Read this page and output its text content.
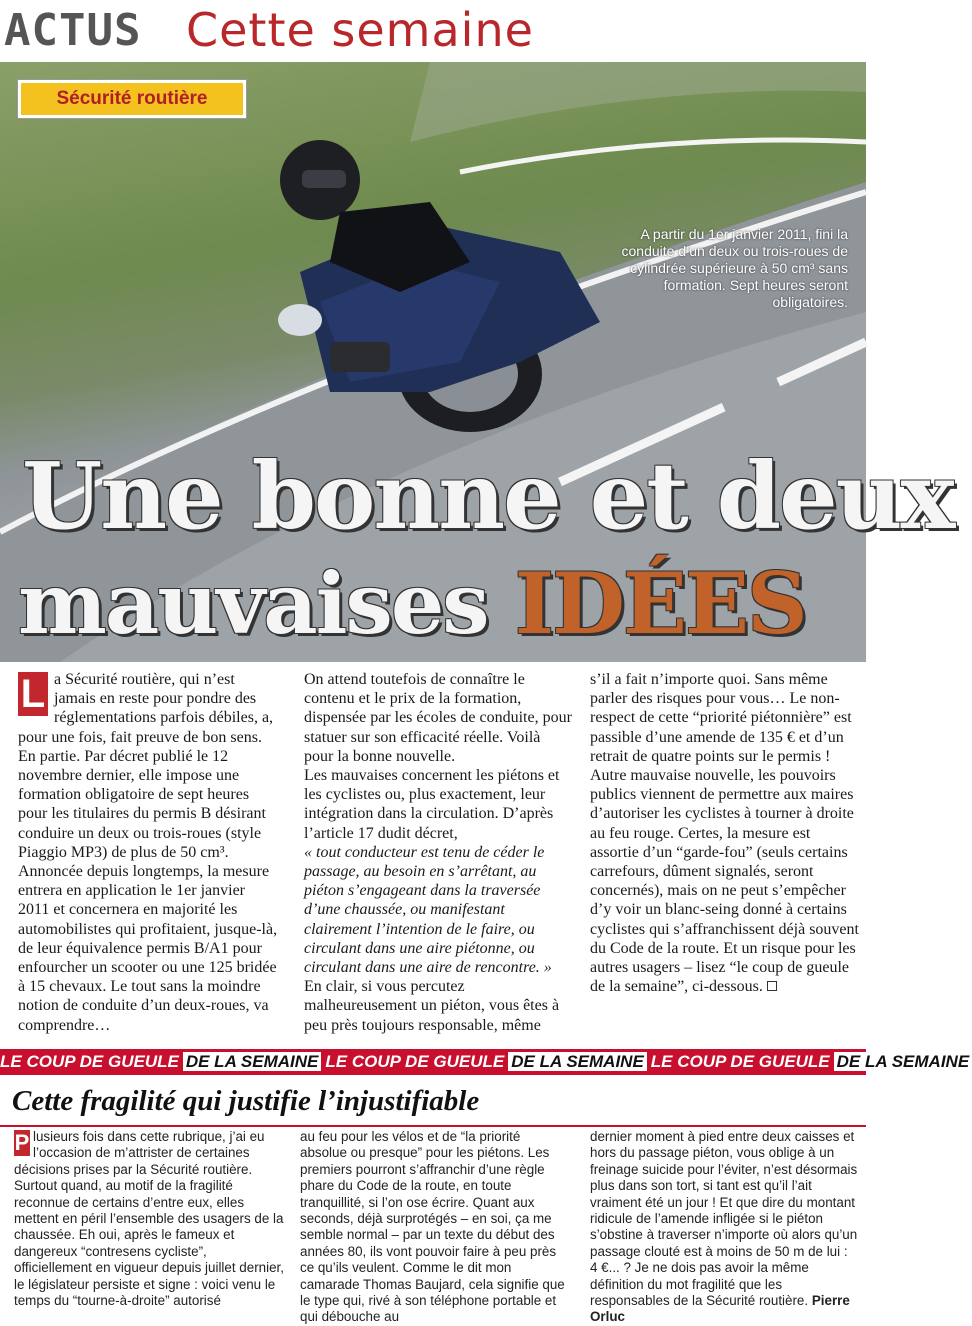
ACTUS Cette semaine
Sécurité routière
A partir du 1er janvier 2011, fini la conduite d’un deux ou trois-roues de cylindrée supérieure à 50 cm³ sans formation. Sept heures seront obligatoires.
Une bonne et deux
mauvaises IDÉES
L a Sécurité routière, qui n’est jamais en reste pour pondre des réglementations parfois débiles, a, pour une fois, fait preuve de bon sens. En partie. Par décret publié le 12 novembre dernier, elle impose une formation obligatoire de sept heures pour les titulaires du permis B désirant conduire un deux ou trois-roues (style Piaggio MP3) de plus de 50 cm³. Annoncée depuis longtemps, la mesure entrera en application le 1er janvier 2011 et concernera en majorité les automobilistes qui profitaient, jusque-là, de leur équivalence permis B/A1 pour enfourcher un scooter ou une 125 bridée à 15 chevaux. Le tout sans la moindre notion de conduite d’un deux-roues, va comprendre…

On attend toutefois de connaître le contenu et le prix de la formation, dispensée par les écoles de conduite, pour statuer sur son efficacité réelle. Voilà pour la bonne nouvelle.

Les mauvaises concernent les piétons et les cyclistes ou, plus exactement, leur intégration dans la circulation. D’après l’article 17 dudit décret,

« tout conducteur est tenu de céder le passage, au besoin en s’arrêtant, au piéton s’engageant dans la traversée d’une chaussée, ou manifestant clairement l’intention de le faire, ou circulant dans une aire piétonne, ou circulant dans une aire de rencontre. »

En clair, si vous percutez malheureusement un piéton, vous êtes à peu près toujours responsable, même

s’il a fait n’importe quoi. Sans même parler des risques pour vous… Le non-respect de cette “priorité piétonnière” est passible d’une amende de 135 € et d’un retrait de quatre points sur le permis ! Autre mauvaise nouvelle, les pouvoirs publics viennent de permettre aux maires d’autoriser les cyclistes à tourner à droite au feu rouge. Certes, la mesure est assortie d’un “garde-fou” (seuls certains carrefours, dûment signalés, seront concernés), mais on ne peut s’empêcher d’y voir un blanc-seing donné à certains cyclistes qui s’affranchissent déjà souvent du Code de la route. Et un risque pour les autres usagers – lisez “le coup de gueule de la semaine”, ci-dessous.
LE COUP DE GUEULE DE LA SEMAINE LE COUP DE GUEULE DE LA SEMAINE LE COUP DE GUEULE DE LA SEMAINE
Cette fragilité qui justifie l’injustifiable
P lusieurs fois dans cette rubrique, j’ai eu l’occasion de m’attrister de certaines décisions prises par la Sécurité routière. Surtout quand, au motif de la fragilité reconnue de certains d’entre eux, elles mettent en péril l’ensemble des usagers de la chaussée. Eh oui, après le fameux et dangereux “contresens cycliste”, officiellement en vigueur depuis juillet dernier, le législateur persiste et signe : voici venu le temps du “tourne-à-droite” autorisé
au feu pour les vélos et de “la priorité absolue ou presque” pour les piétons. Les premiers pourront s’affranchir d’une règle phare du Code de la route, en toute tranquillité, si l’on ose écrire. Quant aux seconds, déjà surprotégés – en soi, ça me semble normal – par un texte du début des années 80, ils vont pouvoir faire à peu près ce qu’ils veulent. Comme le dit mon camarade Thomas Baujard, cela signifie que le type qui, rivé à son téléphone portable et qui débouche au
dernier moment à pied entre deux caisses et hors du passage piéton, vous oblige à un freinage suicide pour l’éviter, n’est désormais plus dans son tort, si tant est qu’il l’ait vraiment été un jour ! Et que dire du montant ridicule de l’amende infligée si le piéton s’obstine à traverser n’importe où alors qu’un passage clouté est à moins de 50 m de lui : 4 €... ? Je ne dois pas avoir la même définition du mot fragilité que les responsables de la Sécurité routière. Pierre Orluc
